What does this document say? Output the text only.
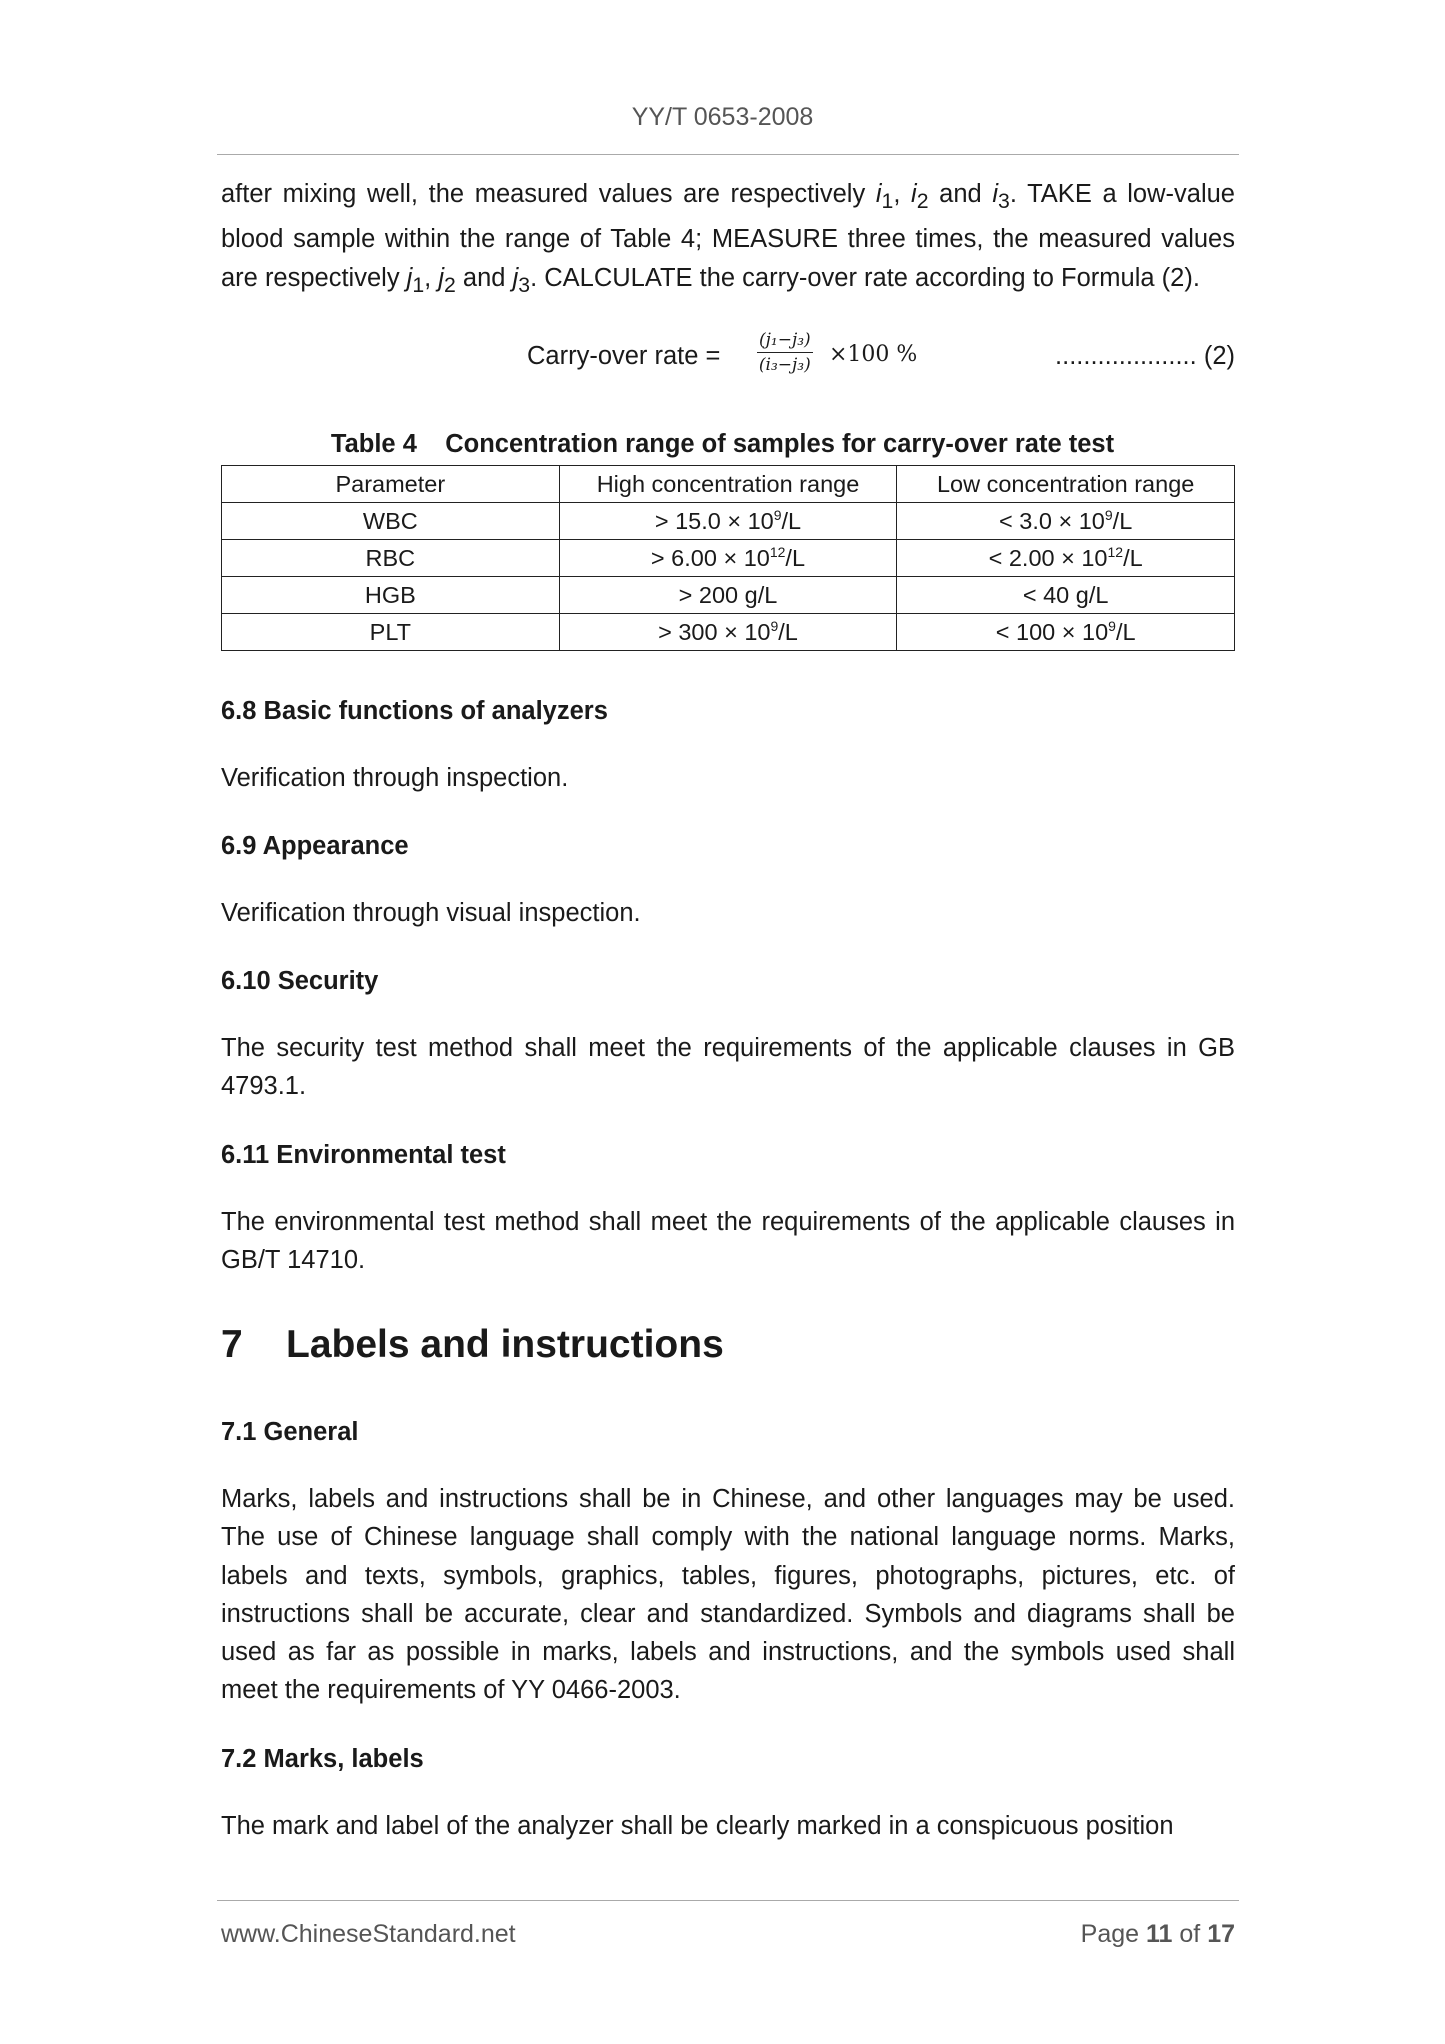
YY/T 0653-2008

after mixing well, the measured values are respectively $i_1$, $i_2$ and $i_3$. TAKE a low-value blood sample within the range of Table 4; MEASURE three times, the measured values are respectively $j_1$, $j_2$ and $j_3$. CALCULATE the carry-over rate according to Formula (2).

Carry-over rate = $\frac{\text{(j₁−j₃)}}{\text{(i₃−j₃)}} \times 100$ %	.................... (2)
Table 4    Concentration range of samples for carry-over rate test
Parameter	High concentration range	Low concentration range
WBC	> $15.0 \times 10^9/L$	< $3.0 \times 10^9/L$
RBC	> $6.00 \times 10^{12}/L$	< $2.00 \times 10^{12}/L$
HGB	> 200 g/L	< 40 g/L
PLT	> $300 \times 10^9/L$	< $100 \times 10^9/L$
6.8 Basic functions of analyzers

Verification through inspection.

6.9 Appearance

Verification through visual inspection.

6.10 Security

The security test method shall meet the requirements of the applicable clauses in GB 4793.1.

6.11 Environmental test

The environmental test method shall meet the requirements of the applicable clauses in GB/T 14710.

7    Labels and instructions
7.1 General

Marks, labels and instructions shall be in Chinese, and other languages may be used. The use of Chinese language shall comply with the national language norms. Marks, labels and texts, symbols, graphics, tables, figures, photographs, pictures, etc. of instructions shall be accurate, clear and standardized. Symbols and diagrams shall be used as far as possible in marks, labels and instructions, and the symbols used shall meet the requirements of YY 0466-2003.

7.2 Marks, labels

The mark and label of the analyzer shall be clearly marked in a conspicuous position

www.ChineseStandard.net	Page 11 of 17
